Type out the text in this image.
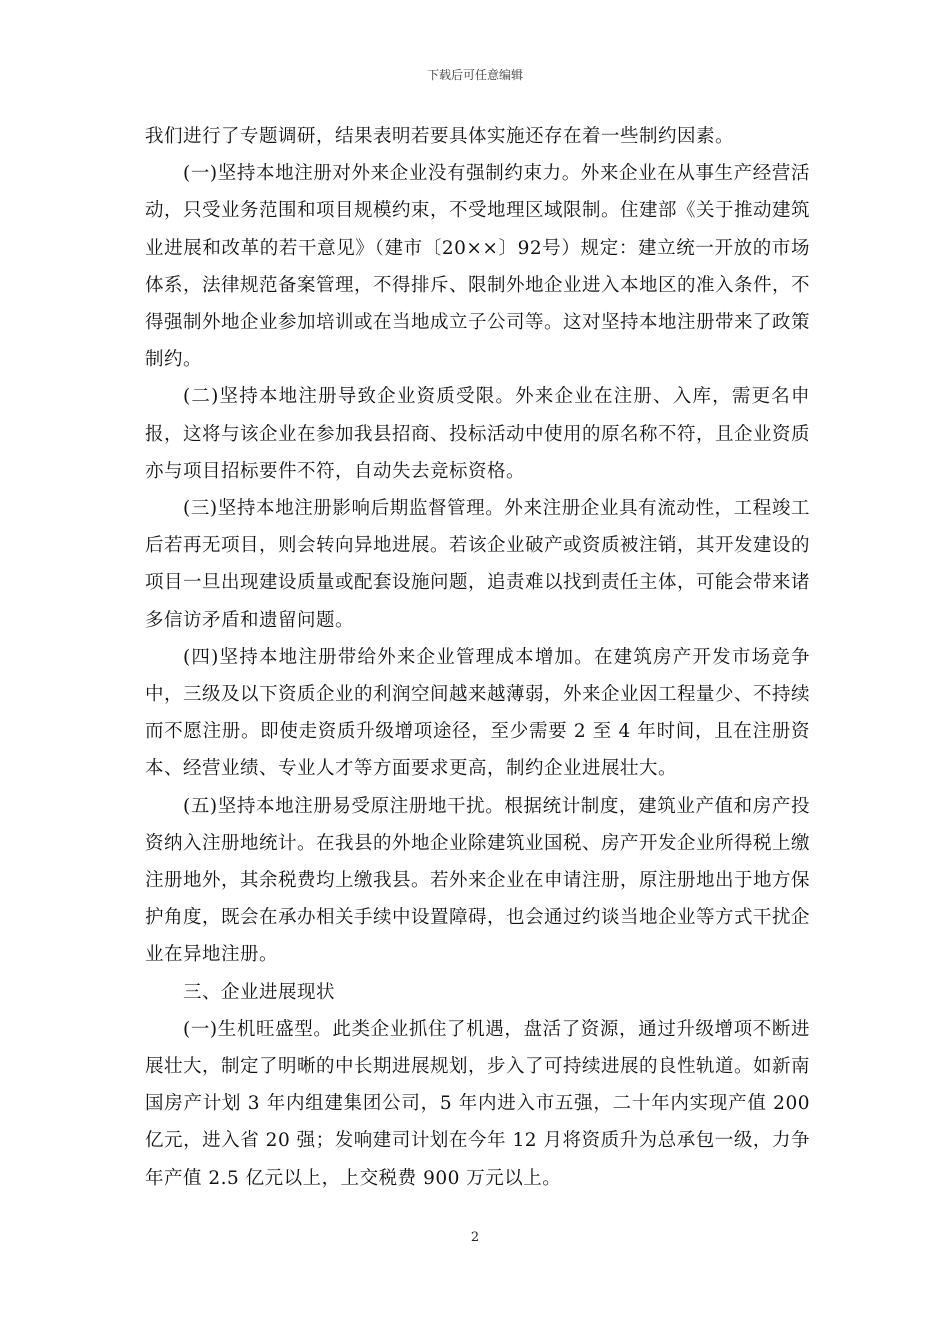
下载后可任意编辑

我们进行了专题调研，结果表明若要具体实施还存在着一些制约因素。

(一)坚持本地注册对外来企业没有强制约束力。外来企业在从事生产经营活动，只受业务范围和项目规模约束，不受地理区域限制。住建部《关于推动建筑业进展和改革的若干意见》（建市〔20××〕92号）规定：建立统一开放的市场体系，法律规范备案管理，不得排斥、限制外地企业进入本地区的准入条件，不得强制外地企业参加培训或在当地成立子公司等。这对坚持本地注册带来了政策制约。

(二)坚持本地注册导致企业资质受限。外来企业在注册、入库，需更名申报，这将与该企业在参加我县招商、投标活动中使用的原名称不符，且企业资质亦与项目招标要件不符，自动失去竞标资格。

(三)坚持本地注册影响后期监督管理。外来注册企业具有流动性，工程竣工后若再无项目，则会转向异地进展。若该企业破产或资质被注销，其开发建设的项目一旦出现建设质量或配套设施问题，追责难以找到责任主体，可能会带来诸多信访矛盾和遗留问题。

(四)坚持本地注册带给外来企业管理成本增加。在建筑房产开发市场竞争中，三级及以下资质企业的利润空间越来越薄弱，外来企业因工程量少、不持续而不愿注册。即使走资质升级增项途径，至少需要 2 至 4 年时间，且在注册资本、经营业绩、专业人才等方面要求更高，制约企业进展壮大。

(五)坚持本地注册易受原注册地干扰。根据统计制度，建筑业产值和房产投资纳入注册地统计。在我县的外地企业除建筑业国税、房产开发企业所得税上缴注册地外，其余税费均上缴我县。若外来企业在申请注册，原注册地出于地方保护角度，既会在承办相关手续中设置障碍，也会通过约谈当地企业等方式干扰企业在异地注册。

三、企业进展现状

(一)生机旺盛型。此类企业抓住了机遇，盘活了资源，通过升级增项不断进展壮大，制定了明晰的中长期进展规划，步入了可持续进展的良性轨道。如新南国房产计划 3 年内组建集团公司，5 年内进入市五强，二十年内实现产值 200 亿元，进入省 20 强；发响建司计划在今年 12 月将资质升为总承包一级，力争年产值 2.5 亿元以上，上交税费 900 万元以上。

2
